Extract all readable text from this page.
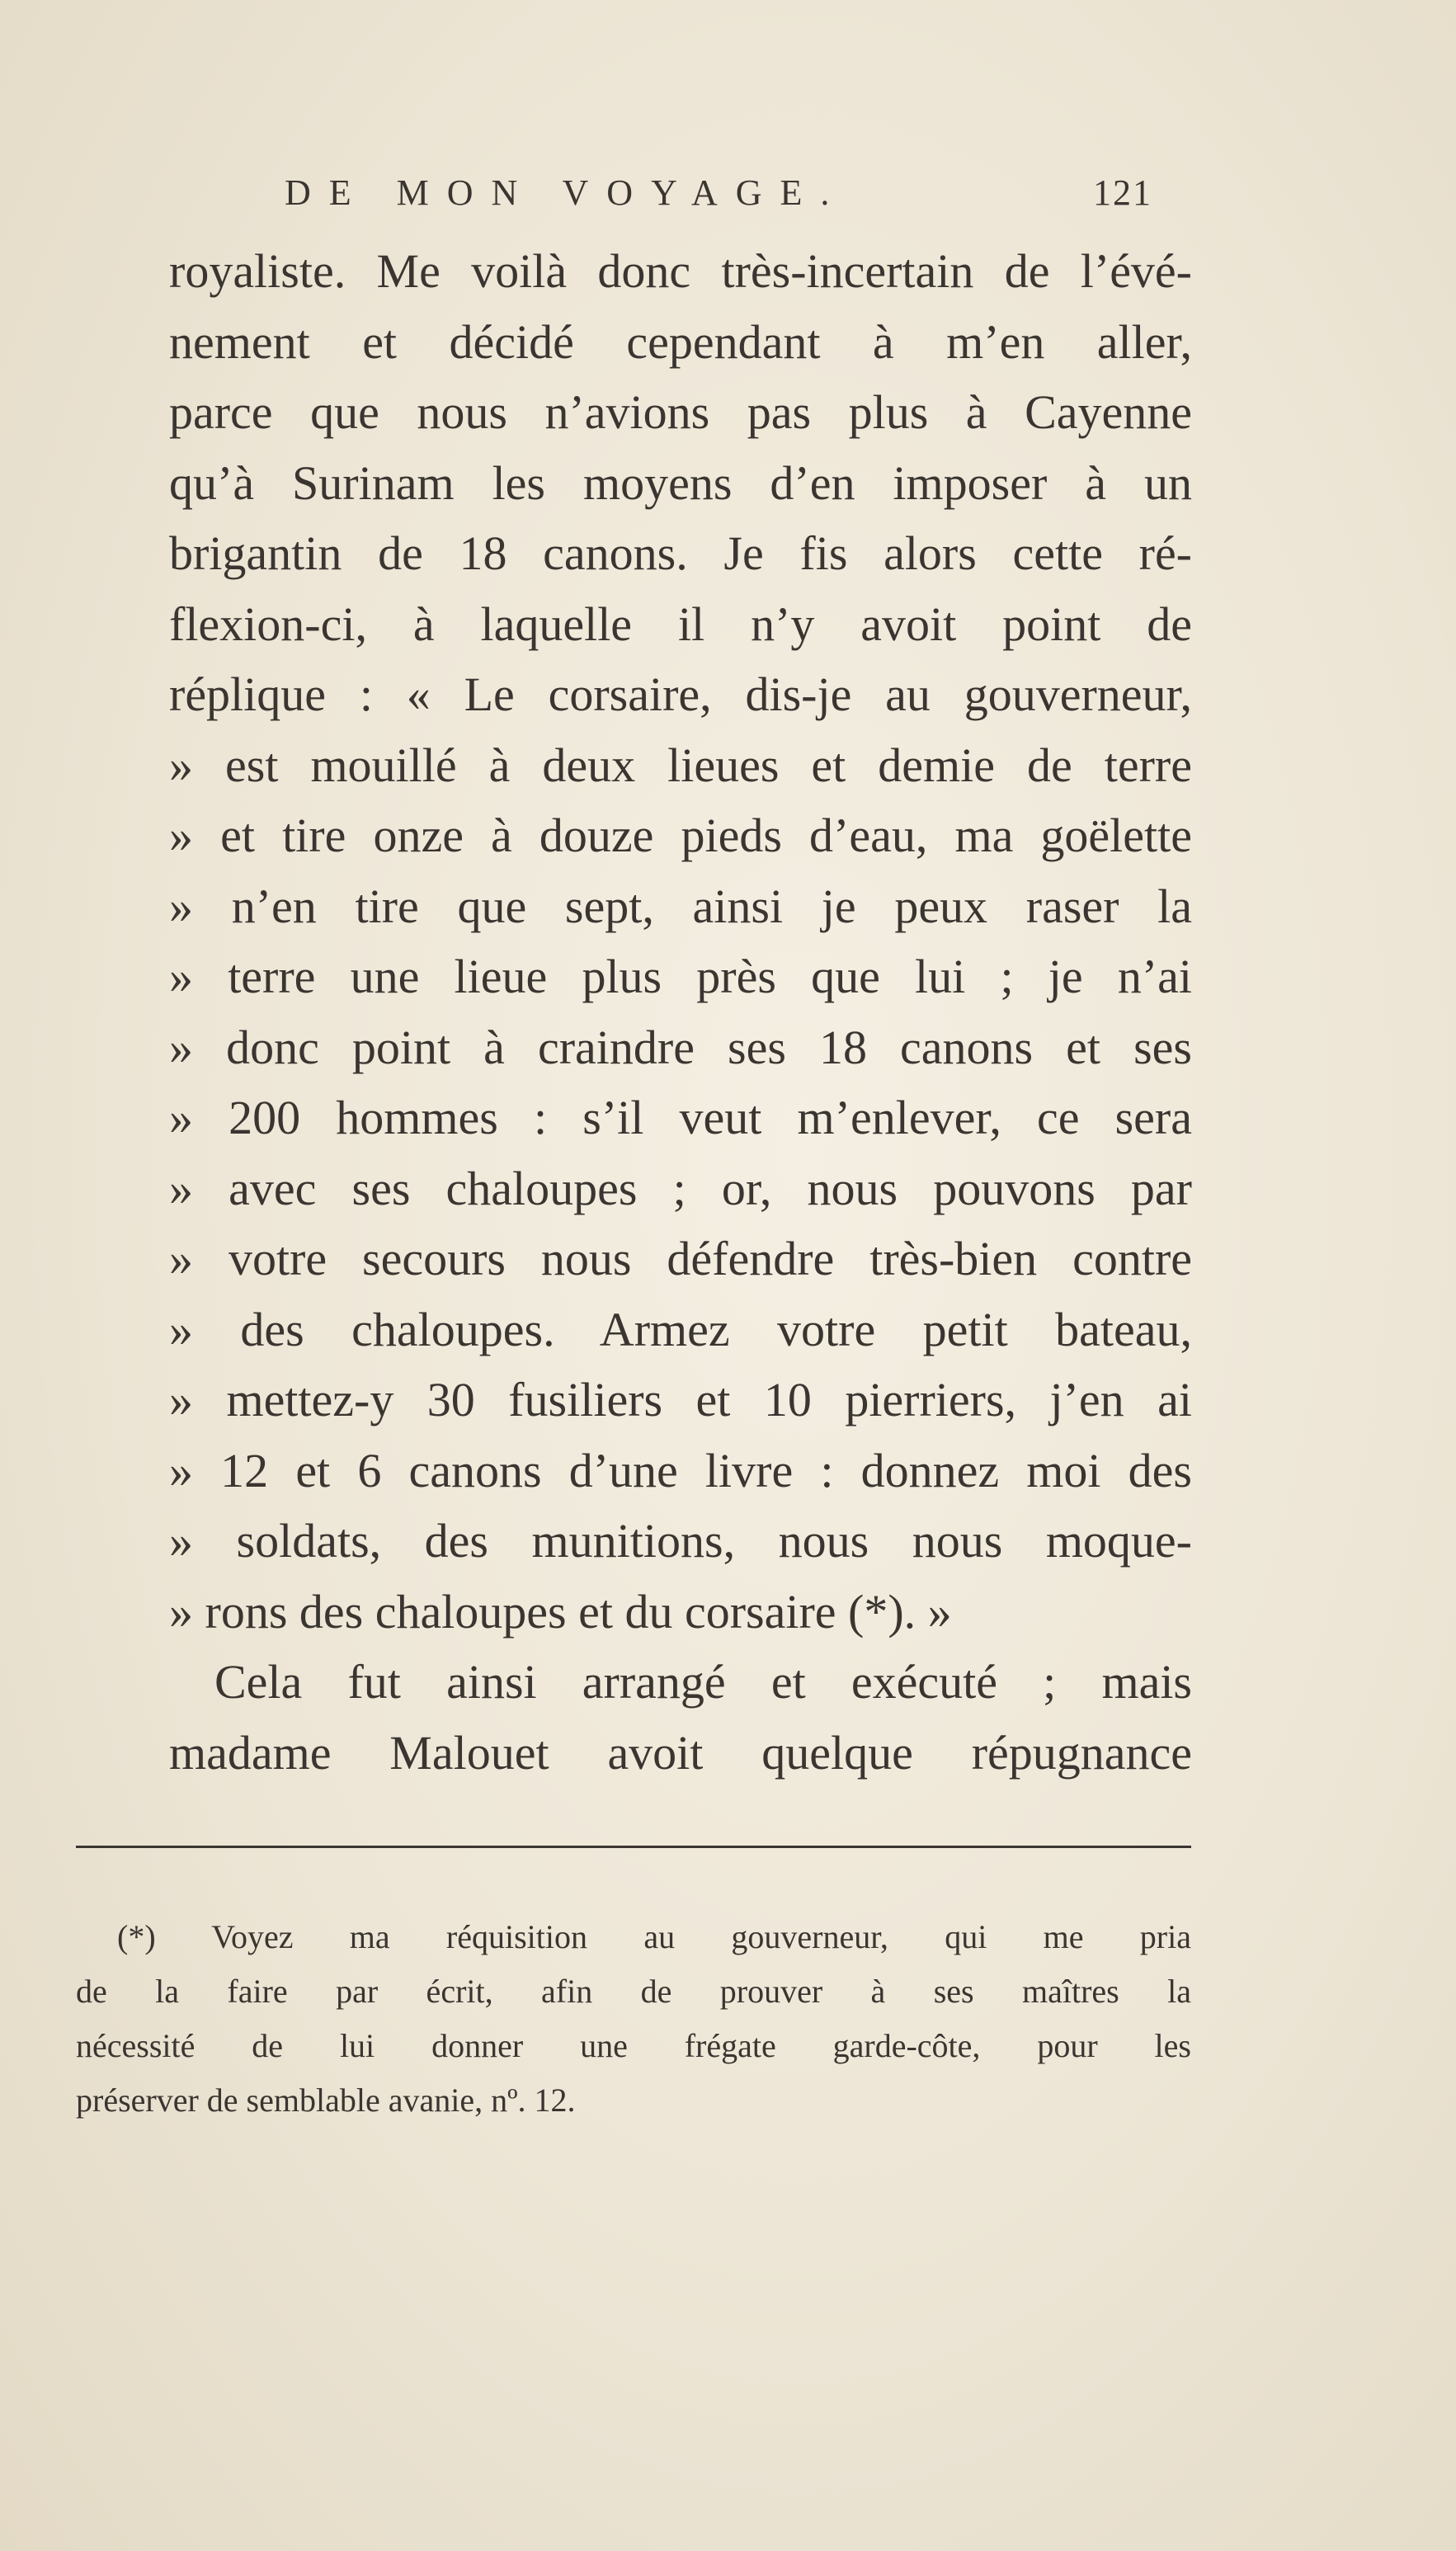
DE MON VOYAGE.	121
royaliste. Me voilà donc très-incertain de l’évé-
nement et décidé cependant à m’en aller,
parce que nous n’avions pas plus à Cayenne
qu’à Surinam les moyens d’en imposer à un
brigantin de 18 canons. Je fis alors cette ré-
flexion-ci, à laquelle il n’y avoit point de
réplique : « Le corsaire, dis-je au gouverneur,
» est mouillé à deux lieues et demie de terre
» et tire onze à douze pieds d’eau, ma goëlette
» n’en tire que sept, ainsi je peux raser la
» terre une lieue plus près que lui ; je n’ai
» donc point à craindre ses 18 canons et ses
» 200 hommes : s’il veut m’enlever, ce sera
» avec ses chaloupes ; or, nous pouvons par
» votre secours nous défendre très-bien contre
» des chaloupes. Armez votre petit bateau,
» mettez-y 30 fusiliers et 10 pierriers, j’en ai
» 12 et 6 canons d’une livre : donnez moi des
» soldats, des munitions, nous nous moque-
» rons des chaloupes et du corsaire (*). »
Cela fut ainsi arrangé et exécuté ; mais
madame Malouet avoit quelque répugnance
(*) Voyez ma réquisition au gouverneur, qui me pria
de la faire par écrit, afin de prouver à ses maîtres la
nécessité de lui donner une frégate garde-côte, pour les
préserver de semblable avanie, nº. 12.
